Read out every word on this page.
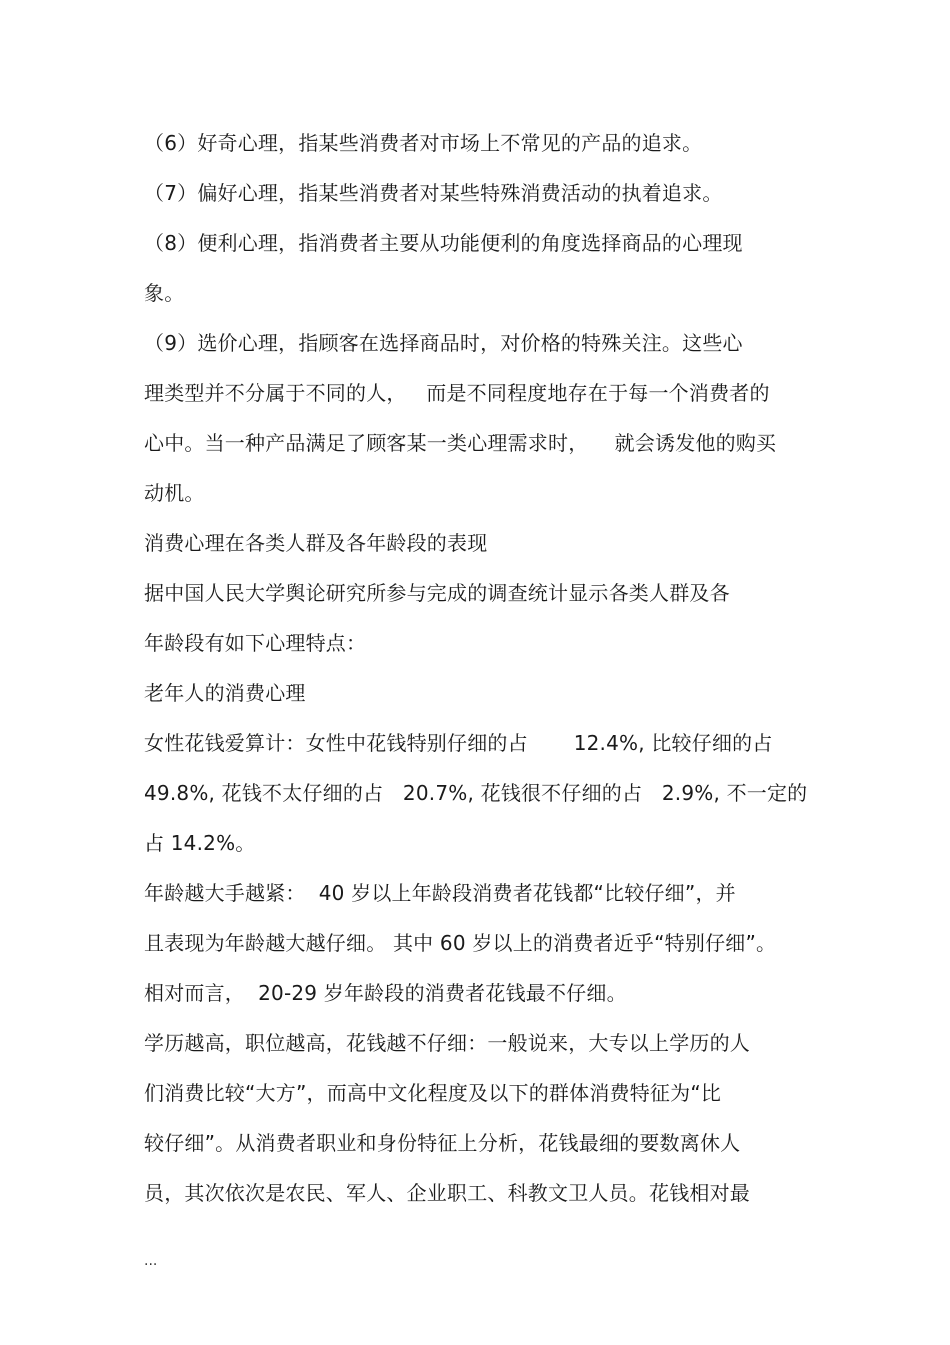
（6）好奇心理，指某些消费者对市场上不常见的产品的追求。
（7）偏好心理，指某些消费者对某些特殊消费活动的执着追求。
（8）便利心理，指消费者主要从功能便利的角度选择商品的心理现
象。
（9）选价心理，指顾客在选择商品时，对价格的特殊关注。这些心
理类型并不分属于不同的人，   而是不同程度地存在于每一个消费者的
心中。当一种产品满足了顾客某一类心理需求时，    就会诱发他的购买
动机。
消费心理在各类人群及各年龄段的表现
据中国人民大学舆论研究所参与完成的调查统计显示各类人群及各
年龄段有如下心理特点：
老年人的消费心理
女性花钱爱算计：女性中花钱特别仔细的占       12.4%, 比较仔细的占
49.8%, 花钱不太仔细的占   20.7%, 花钱很不仔细的占   2.9%, 不一定的
占 14.2%。
年龄越大手越紧：  40 岁以上年龄段消费者花钱都“比较仔细”，并
且表现为年龄越大越仔细。 其中 60 岁以上的消费者近乎“特别仔细”。
相对而言，  20-29 岁年龄段的消费者花钱最不仔细。
学历越高，职位越高，花钱越不仔细：一般说来，大专以上学历的人
们消费比较“大方”，而高中文化程度及以下的群体消费特征为“比
较仔细”。从消费者职业和身份特征上分析，花钱最细的要数离休人
员，其次依次是农民、军人、企业职工、科教文卫人员。花钱相对最
...
